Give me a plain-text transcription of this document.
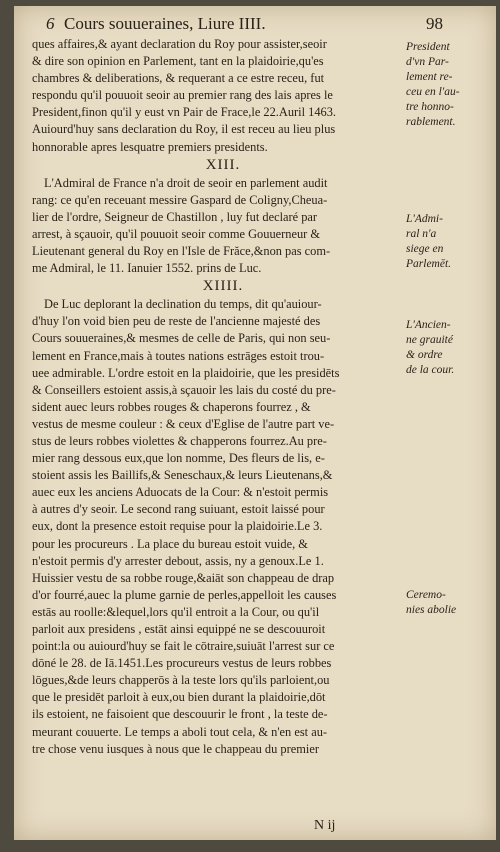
6 Cours souueraines, Liure IIII.	98
ques affaires,& ayant declaration du Roy pour assister,seoir
& dire son opinion en Parlement, tant en la plaidoirie,qu'es
chambres & deliberations, & requerant a ce estre receu, fut
respondu qu'il pouuoit seoir au premier rang des lais apres le
President,finon qu'il y eust vn Pair de Frace,le 22.Auril 1463.
Auiourd'huy sans declaration du Roy, il est receu au lieu plus
honnorable apres lesquatre premiers presidents.
XIII.
L'Admiral de France n'a droit de seoir en parlement audit
rang: ce qu'en receuant messire Gaspard de Coligny,Cheua-
lier de l'ordre, Seigneur de Chastillon , luy fut declaré par
arrest, à sçauoir, qu'il pouuoit seoir comme Gouuerneur &
Lieutenant general du Roy en l'Isle de Frăce,&non pas com-
me Admiral, le 11. Ianuier 1552. prins de Luc.
XIIII.
De Luc deplorant la declination du temps, dit qu'auiour-
d'huy l'on void bien peu de reste de l'ancienne majesté des
Cours souueraines,& mesmes de celle de Paris, qui non seu-
lement en France,mais à toutes nations estrāges estoit trou-
uee admirable. L'ordre estoit en la plaidoirie, que les presidēts
& Conseillers estoient assis,à sçauoir les lais du costé du pre-
sident auec leurs robbes rouges & chaperons fourrez , &
vestus de mesme couleur : & ceux d'Eglise de l'autre part ve-
stus de leurs robbes violettes & chapperons fourrez.Au pre-
mier rang dessous eux,que lon nomme, Des fleurs de lis, e-
stoient assis les Baillifs,& Seneschaux,& leurs Lieutenans,&
auec eux les anciens Aduocats de la Cour: & n'estoit permis
à autres d'y seoir. Le second rang suiuant, estoit laissé pour
eux, dont la presence estoit requise pour la plaidoirie.Le 3.
pour les procureurs . La place du bureau estoit vuide, &
n'estoit permis d'y arrester debout, assis, ny a genoux.Le 1.
Huissier vestu de sa robbe rouge,&aiāt son chappeau de drap
d'or fourré,auec la plume garnie de perles,appelloit les causes
estās au roolle:&lequel,lors qu'il entroit a la Cour, ou qu'il
parloit aux presidens , estāt ainsi equippé ne se descouuroit
point:la ou auiourd'huy se fait le cōtraire,suiuāt l'arrest sur ce
dōné le 28. de Iā.1451.Les procureurs vestus de leurs robbes
lōgues,&de leurs chapperōs à la teste lors qu'ils parloient,ou
que le presidēt parloit à eux,ou bien durant la plaidoirie,dōt
ils estoient, ne faisoient que descouurir le front , la teste de-
meurant couuerte. Le temps a aboli tout cela, & n'en est au-
tre chose venu iusques à nous que le chappeau du premier
President
d'vn Par-
lement re-
ceu en l'au-
tre honno-
rablement.
L'Admi-
ral n'a
siege en
Parlemēt.
L'Ancien-
ne grauité
& ordre
de la cour.
Ceremo-
nies abolie
N ij
